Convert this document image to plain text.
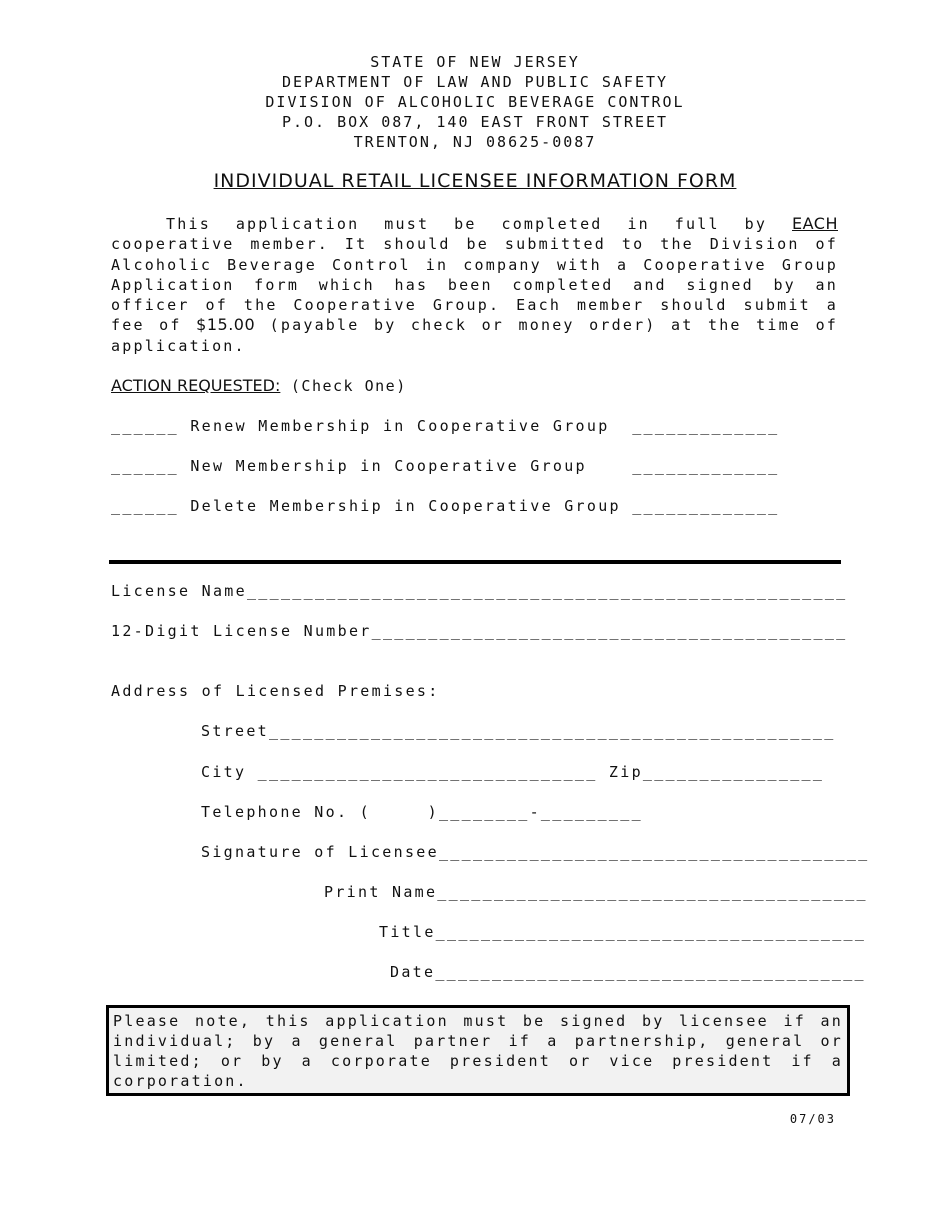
STATE OF NEW JERSEY
DEPARTMENT OF LAW AND PUBLIC SAFETY
DIVISION OF ALCOHOLIC BEVERAGE CONTROL
P.O. BOX 087, 140 EAST FRONT STREET
TRENTON, NJ 08625-0087
INDIVIDUAL RETAIL LICENSEE INFORMATION FORM
This application must be completed in full by EACH cooperative member. It should be submitted to the Division of Alcoholic Beverage Control in company with a Cooperative Group Application form which has been completed and signed by an officer of the Cooperative Group. Each member should submit a fee of $15.00 (payable by check or money order) at the time of application.
ACTION REQUESTED: (Check One)
______ Renew Membership in Cooperative Group  _____________
______ New Membership in Cooperative Group    _____________
______ Delete Membership in Cooperative Group _____________
License Name_____________________________________________________
12-Digit License Number__________________________________________
Address of Licensed Premises:
Street__________________________________________________
City ______________________________ Zip________________
Telephone No. (     )________-_________
Signature of Licensee______________________________________
Print Name______________________________________
Title______________________________________
Date______________________________________
Please note, this application must be signed by licensee if an individual; by a general partner if a partnership, general or limited; or by a corporate president or vice president if a corporation.
07/03
